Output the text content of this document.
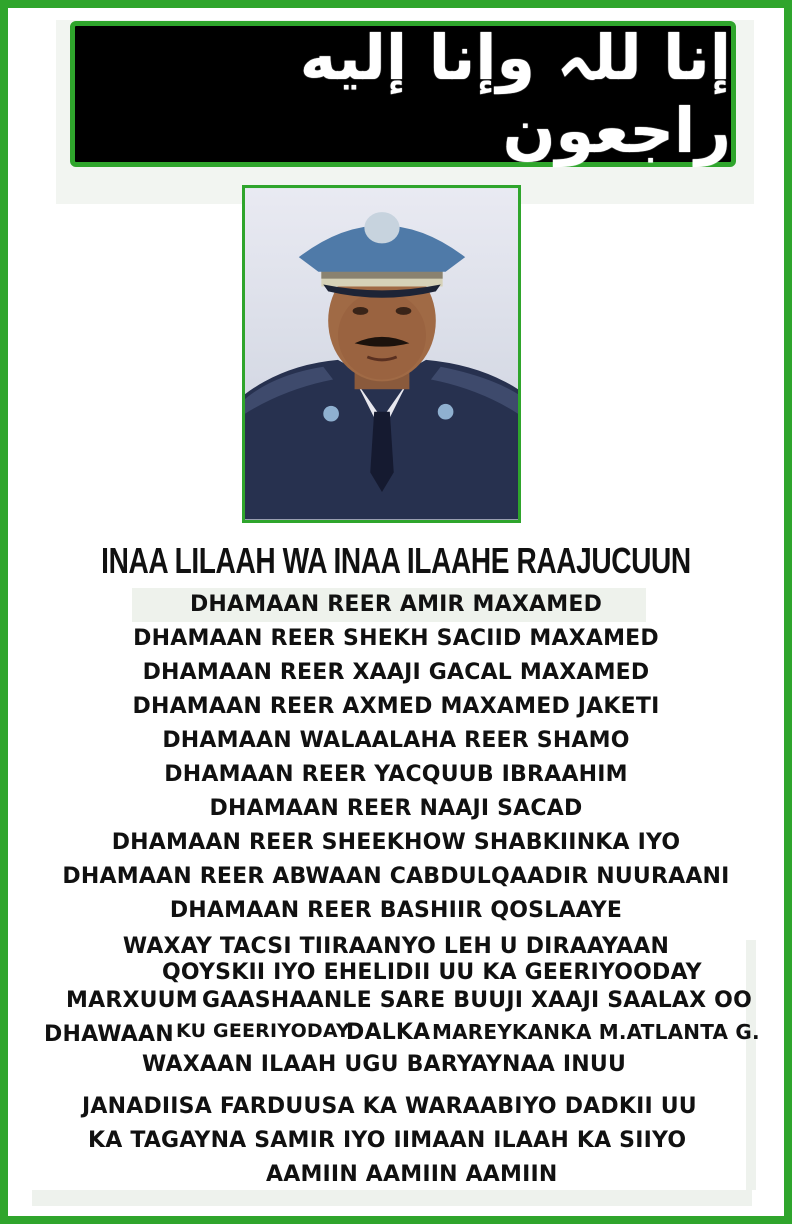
إنا للہ وإنا إليه راجعون
INAA LILAAH WA INAA ILAAHE RAAJUCUUN
DHAMAAN REER AMIR MAXAMED
DHAMAAN REER SHEKH SACIID MAXAMED
DHAMAAN REER XAAJI GACAL MAXAMED
DHAMAAN REER AXMED MAXAMED JAKETI
DHAMAAN WALAALAHA REER SHAMO
DHAMAAN REER YACQUUB IBRAAHIM
DHAMAAN REER NAAJI SACAD
DHAMAAN REER SHEEKHOW SHABKIINKA IYO
DHAMAAN REER ABWAAN CABDULQAADIR NUURAANI
DHAMAAN REER BASHIIR QOSLAAYE
WAXAY TACSI TIIRAANYO LEH U DIRAAYAAN
QOYSKII IYO EHELIDII UU KA GEERIYOODAY
MARXUUM GAASHAANLE SARE BUUJI XAAJI SAALAX OO
DHAWAAN KU GEERIYODAY
DALKA MAREYKANKA M.ATLANTA G.
WAXAAN ILAAH UGU BARYAYNAA INUU
JANADIISA FARDUUSA KA WARAABIYO DADKII UU
KA TAGAYNA SAMIR IYO IIMAAN ILAAH KA SIIYO
AAMIIN AAMIIN AAMIIN
